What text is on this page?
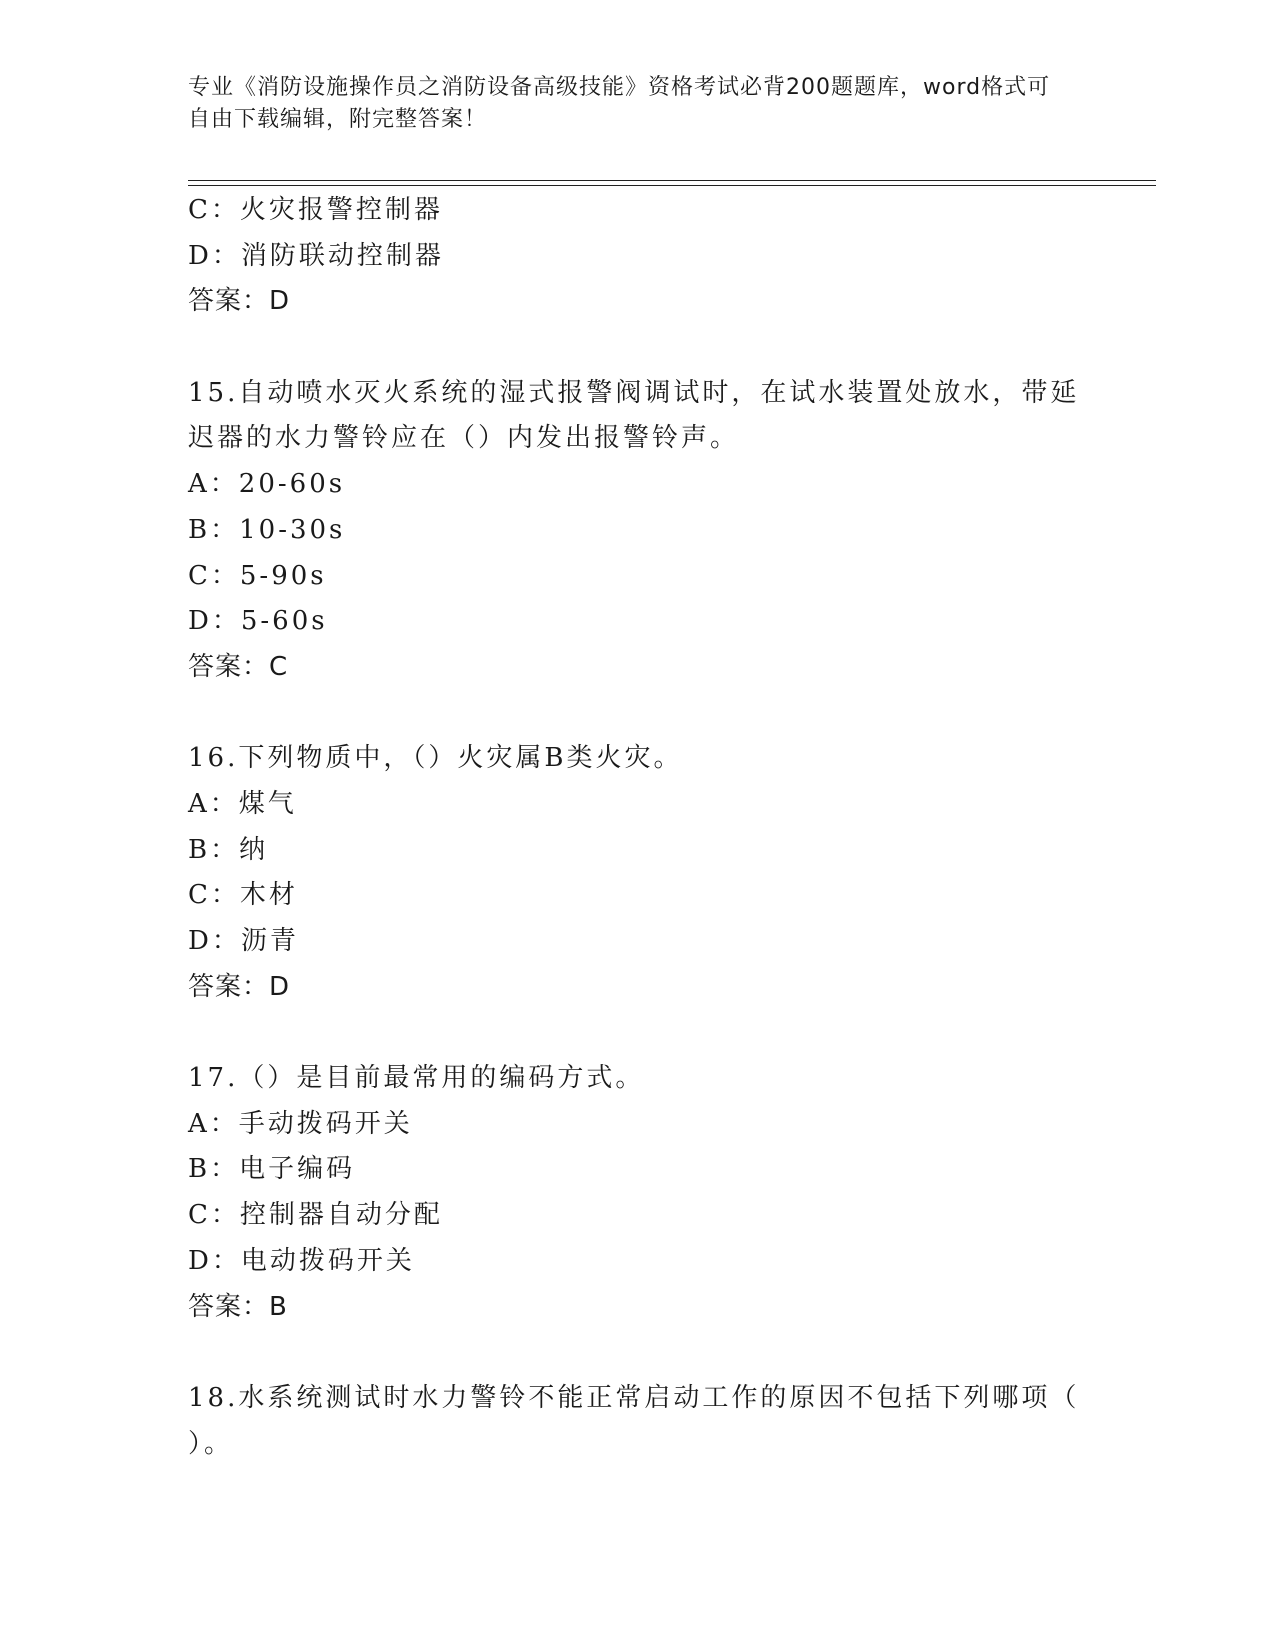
专业《消防设施操作员之消防设备高级技能》资格考试必背200题题库，word格式可自由下载编辑，附完整答案！
C：火灾报警控制器
D：消防联动控制器
答案：D
15.自动喷水灭火系统的湿式报警阀调试时，在试水装置处放水，带延
迟器的水力警铃应在（）内发出报警铃声。
A：20-60s
B：10-30s
C：5-90s
D：5-60s
答案：C
16.下列物质中，（）火灾属B类火灾。
A：煤气
B：纳
C：木材
D：沥青
答案：D
17.（）是目前最常用的编码方式。
A：手动拨码开关
B：电子编码
C：控制器自动分配
D：电动拨码开关
答案：B
18.水系统测试时水力警铃不能正常启动工作的原因不包括下列哪项（
）。
